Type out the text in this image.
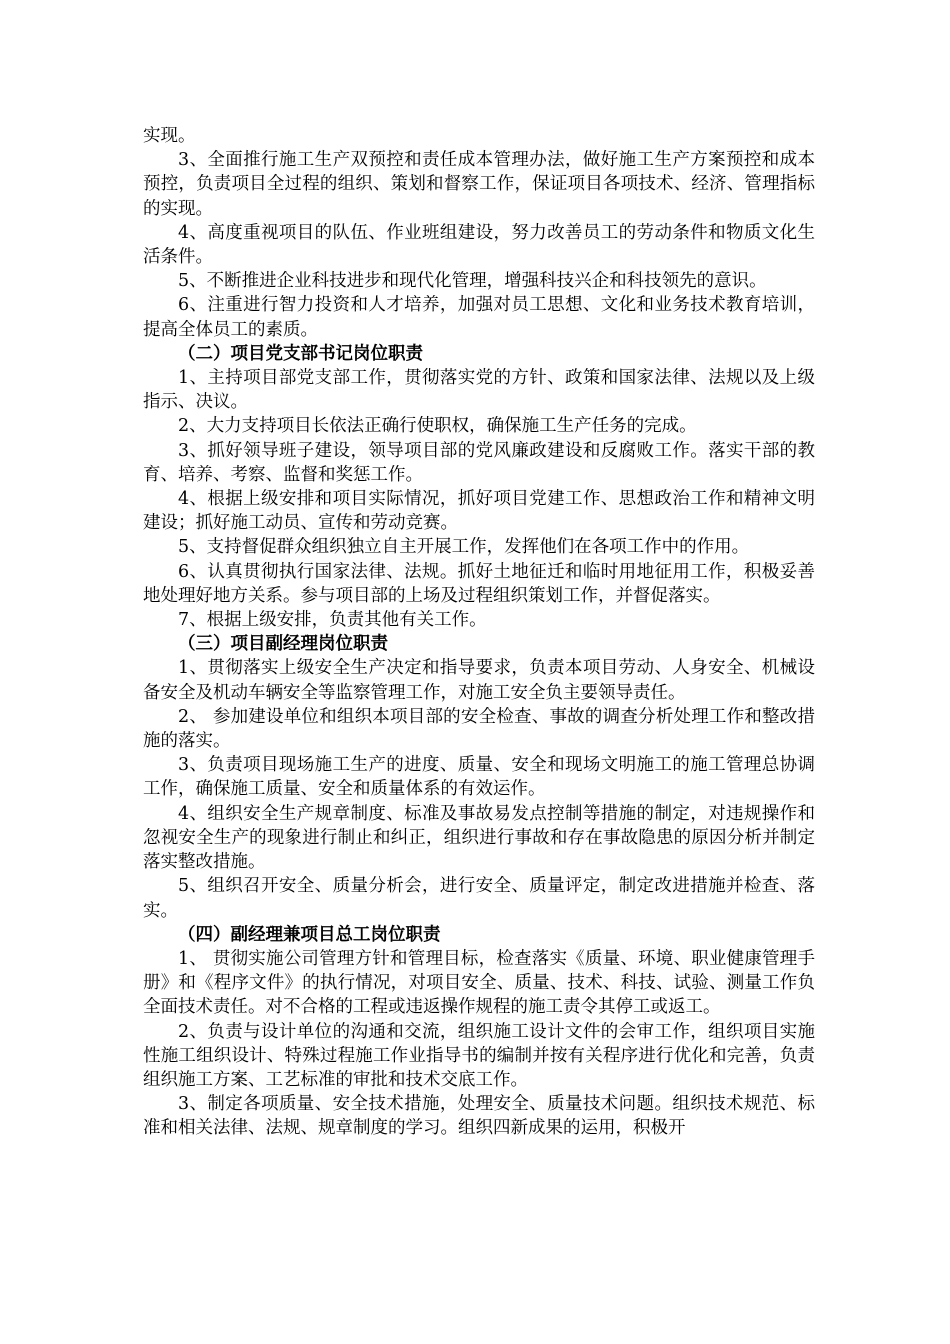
实现。

3、全面推行施工生产双预控和责任成本管理办法，做好施工生产方案预控和成本预控，负责项目全过程的组织、策划和督察工作，保证项目各项技术、经济、管理指标的实现。

4、高度重视项目的队伍、作业班组建设，努力改善员工的劳动条件和物质文化生活条件。

5、不断推进企业科技进步和现代化管理，增强科技兴企和科技领先的意识。

6、注重进行智力投资和人才培养，加强对员工思想、文化和业务技术教育培训，提高全体员工的素质。

（二）项目党支部书记岗位职责

1、主持项目部党支部工作，贯彻落实党的方针、政策和国家法律、法规以及上级指示、决议。

2、大力支持项目长依法正确行使职权，确保施工生产任务的完成。

3、抓好领导班子建设，领导项目部的党风廉政建设和反腐败工作。落实干部的教育、培养、考察、监督和奖惩工作。

4、根据上级安排和项目实际情况，抓好项目党建工作、思想政治工作和精神文明建设；抓好施工动员、宣传和劳动竞赛。

5、支持督促群众组织独立自主开展工作，发挥他们在各项工作中的作用。

6、认真贯彻执行国家法律、法规。抓好土地征迁和临时用地征用工作，积极妥善地处理好地方关系。参与项目部的上场及过程组织策划工作，并督促落实。

7、根据上级安排，负责其他有关工作。

（三）项目副经理岗位职责

1、贯彻落实上级安全生产决定和指导要求，负责本项目劳动、人身安全、机械设备安全及机动车辆安全等监察管理工作，对施工安全负主要领导责任。

2、 参加建设单位和组织本项目部的安全检查、事故的调查分析处理工作和整改措施的落实。

3、负责项目现场施工生产的进度、质量、安全和现场文明施工的施工管理总协调工作，确保施工质量、安全和质量体系的有效运作。

4、组织安全生产规章制度、标准及事故易发点控制等措施的制定，对违规操作和忽视安全生产的现象进行制止和纠正，组织进行事故和存在事故隐患的原因分析并制定落实整改措施。

5、组织召开安全、质量分析会，进行安全、质量评定，制定改进措施并检查、落实。

（四）副经理兼项目总工岗位职责

1、 贯彻实施公司管理方针和管理目标，检查落实《质量、环境、职业健康管理手册》和《程序文件》的执行情况，对项目安全、质量、技术、科技、试验、测量工作负全面技术责任。对不合格的工程或违返操作规程的施工责令其停工或返工。

2、负责与设计单位的沟通和交流，组织施工设计文件的会审工作，组织项目实施性施工组织设计、特殊过程施工作业指导书的编制并按有关程序进行优化和完善，负责组织施工方案、工艺标准的审批和技术交底工作。

3、制定各项质量、安全技术措施，处理安全、质量技术问题。组织技术规范、标准和相关法律、法规、规章制度的学习。组织四新成果的运用，积极开
